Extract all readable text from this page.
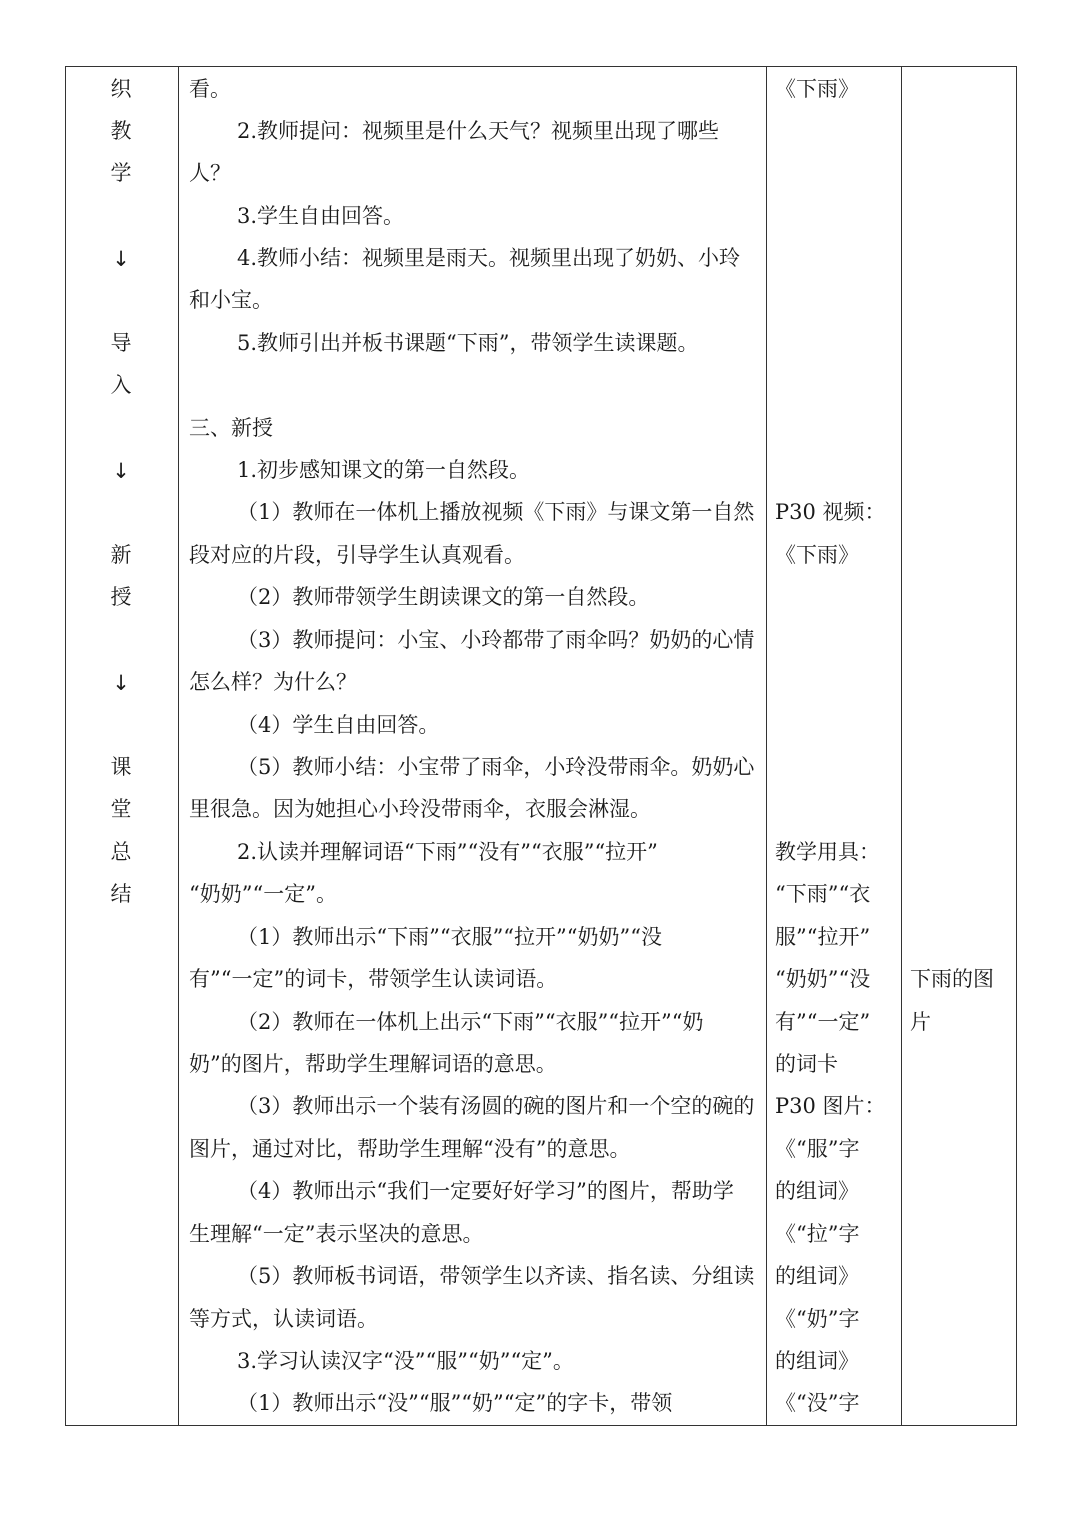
织
教
学
↓
导
入
↓
新
授
↓
课
堂
总
结
看。
2.教师提问：视频里是什么天气？视频里出现了哪些
人？
3.学生自由回答。
4.教师小结：视频里是雨天。视频里出现了奶奶、小玲
和小宝。
5.教师引出并板书课题“下雨”，带领学生读课题。
三、新授
1.初步感知课文的第一自然段。
（1）教师在一体机上播放视频《下雨》与课文第一自然
段对应的片段，引导学生认真观看。
（2）教师带领学生朗读课文的第一自然段。
（3）教师提问：小宝、小玲都带了雨伞吗？奶奶的心情
怎么样？为什么？
（4）学生自由回答。
（5）教师小结：小宝带了雨伞，小玲没带雨伞。奶奶心
里很急。因为她担心小玲没带雨伞，衣服会淋湿。
2.认读并理解词语“下雨”“没有”“衣服”“拉开”
“奶奶”“一定”。
（1）教师出示“下雨”“衣服”“拉开”“奶奶”“没
有”“一定”的词卡，带领学生认读词语。
（2）教师在一体机上出示“下雨”“衣服”“拉开”“奶
奶”的图片，帮助学生理解词语的意思。
（3）教师出示一个装有汤圆的碗的图片和一个空的碗的
图片，通过对比，帮助学生理解“没有”的意思。
（4）教师出示“我们一定要好好学习”的图片，帮助学
生理解“一定”表示坚决的意思。
（5）教师板书词语，带领学生以齐读、指名读、分组读
等方式，认读词语。
3.学习认读汉字“没”“服”“奶”“定”。
（1）教师出示“没”“服”“奶”“定”的字卡，带领
《下雨》
P30 视频：
《下雨》
教学用具：
“下雨”“衣
服”“拉开”
“奶奶”“没
有”“一定”
的词卡
P30 图片：
《“服”字
的组词》
《“拉”字
的组词》
《“奶”字
的组词》
《“没”字
下雨的图
片
